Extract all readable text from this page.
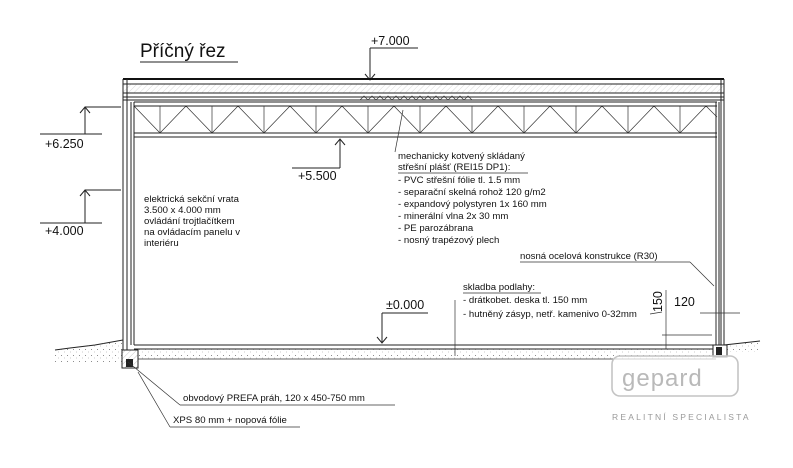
Příčný řez	+7.000
+6.250
+4.000
+5.500
±0.000
elektrická sekční vrata
3.500 x 4.000 mm
ovládání trojtlačítkem
na ovládacím panelu v
interiéru
mechanicky kotvený skládaný
střešní plášť (REI15 DP1):
- PVC střešní fólie tl. 1.5 mm
- separační skelná rohož 120 g/m2
- expandový polystyren 1x 160 mm
- minerální vlna 2x 30 mm
- PE parozábrana
- nosný trapézový plech
nosná ocelová konstrukce (R30)
skladba podlahy:
- drátkobet. deska tl. 150 mm
- hutněný zásyp, netř. kamenivo 0-32mm
150 120
obvodový PREFA práh, 120 x 450-750 mm
XPS 80 mm + nopová fólie
gepard
REALITNÍ SPECIALISTA
